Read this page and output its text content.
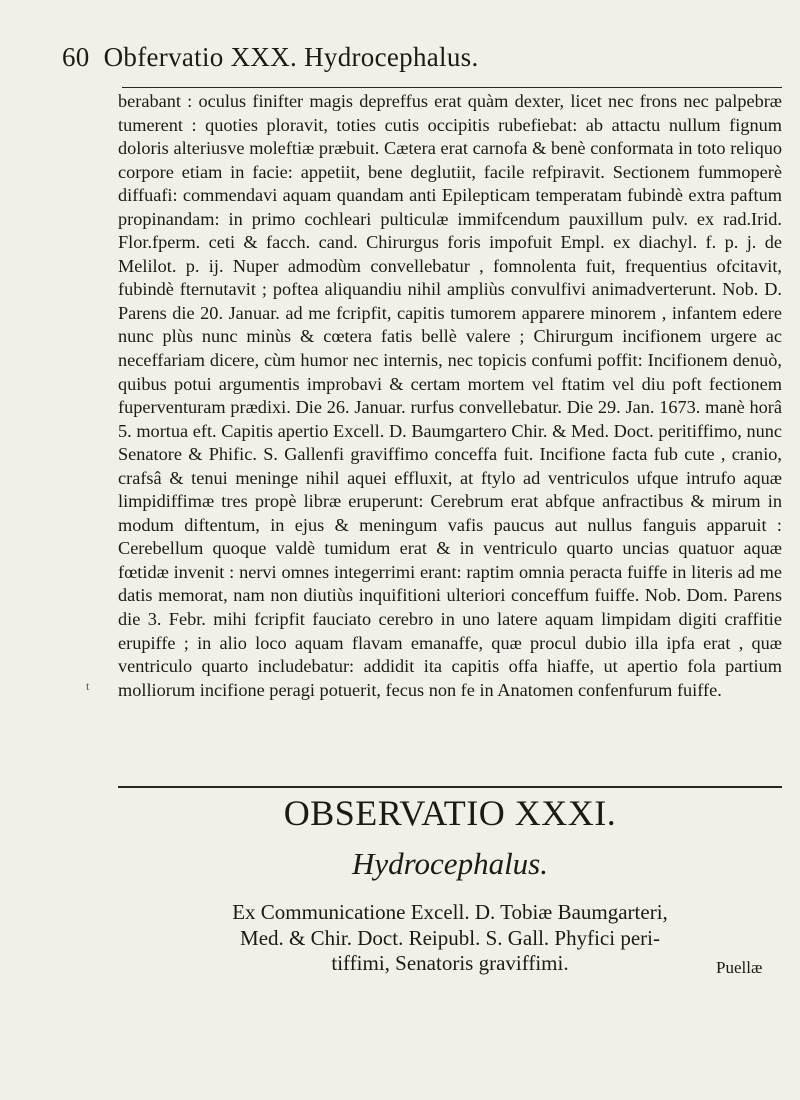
60 Obfervatio XXX. Hydrocephalus.

berabant : oculus finifter magis depreffus erat quàm dexter, licet nec frons nec palpebræ tumerent : quoties ploravit, toties cutis occipitis rubefiebat: ab attactu nullum fignum doloris alteriusve moleftiæ præbuit. Cætera erat carnofa & benè conformata in toto reliquo corpore etiam in facie: appetiit, bene deglutiit, facile refpiravit. Sectionem fummoperè diffuafi: commendavi aquam quandam anti Epilepticam temperatam fubindè extra paftum propinandam: in primo cochleari pulticulæ immifcendum pauxillum pulv. ex rad.Irid. Flor.fperm. ceti & facch. cand. Chirurgus foris impofuit Empl. ex diachyl. f. p. j. de Melilot. p. ij. Nuper admodùm convellebatur , fomnolenta fuit, frequentius ofcitavit, fubindè fternutavit ; poftea aliquandiu nihil ampliùs convulfivi animadverterunt. Nob. D. Parens die 20. Januar. ad me fcripfit, capitis tumorem apparere minorem , infantem edere nunc plùs nunc minùs & cœtera fatis bellè valere ; Chirurgum incifionem urgere ac neceffariam dicere, cùm humor nec internis, nec topicis confumi poffit: Incifionem denuò, quibus potui argumentis improbavi & certam mortem vel ftatim vel diu poft fectionem fuperventuram prædixi. Die 26. Januar. rurfus convellebatur. Die 29. Jan. 1673. manè horâ 5. mortua eft. Capitis apertio Excell. D. Baumgartero Chir. & Med. Doct. peritiffimo, nunc Senatore & Phific. S. Gallenfi graviffimo conceffa fuit. Incifione facta fub cute , cranio, crafsâ & tenui meninge nihil aquei effluxit, at ftylo ad ventriculos ufque intrufo aquæ limpidiffimæ tres propè libræ eruperunt: Cerebrum erat abfque anfractibus & mirum in modum diftentum, in ejus & meningum vafis paucus aut nullus fanguis apparuit : Cerebellum quoque valdè tumidum erat & in ventriculo quarto uncias quatuor aquæ fœtidæ invenit : nervi omnes integerrimi erant: raptim omnia peracta fuiffe in literis ad me datis memorat, nam non diutiùs inquifitioni ulteriori conceffum fuiffe. Nob. Dom. Parens die 3. Febr. mihi fcripfit fauciato cerebro in uno latere aquam limpidam digiti craffitie erupiffe ; in alio loco aquam flavam emanaffe, quæ procul dubio illa ipfa erat , quæ ventriculo quarto includebatur: addidit ita capitis offa hiaffe, ut apertio fola partium molliorum incifione peragi potuerit, fecus non fe in Anatomen confenfurum fuiffe.

t
OBSERVATIO XXXI.
Hydrocephalus.

Ex Communicatione Excell. D. Tobiæ Baumgarteri,

Med. & Chir. Doct. Reipubl. S. Gall. Phyfici peri-

tiffimi, Senatoris graviffimi.	Puellæ
